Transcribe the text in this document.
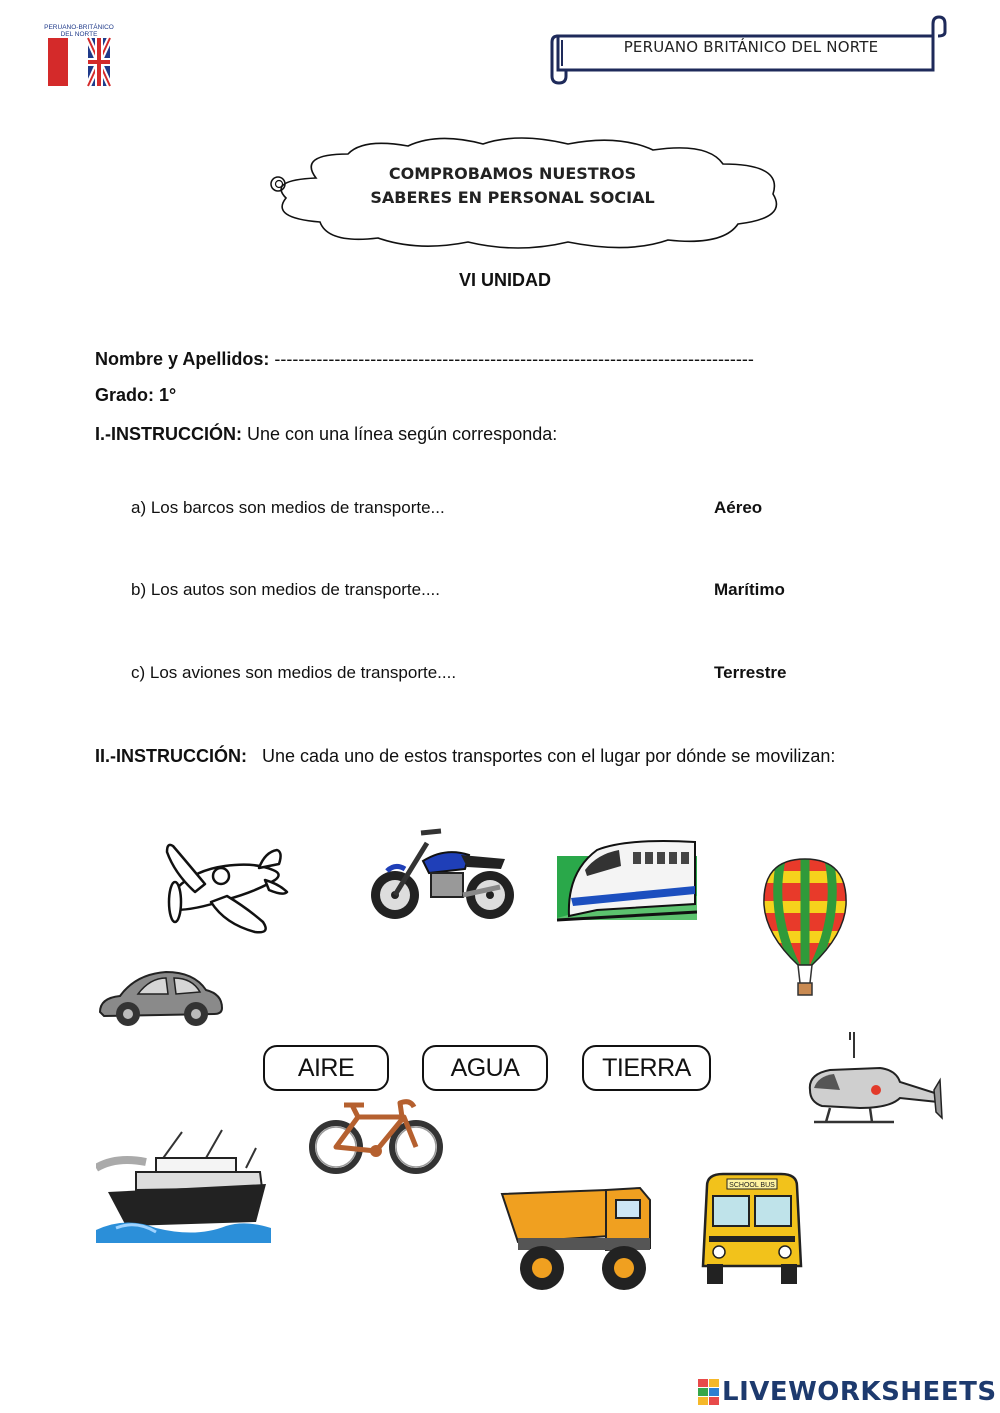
PERUANO-BRITÁNICO
DEL NORTE
PERUANO BRITÁNICO DEL NORTE
COMPROBAMOS NUESTROS
SABERES EN PERSONAL SOCIAL
VI UNIDAD
Nombre y Apellidos: --------------------------------------------------------------------------------
Grado: 1°
I.-INSTRUCCIÓN: Une con una línea según corresponda:
a) Los barcos son medios de transporte...
b) Los autos son medios de transporte....
c) Los aviones son medios de transporte....
Aéreo
Marítimo
Terrestre
II.-INSTRUCCIÓN: Une cada uno de estos transportes con el lugar por dónde se movilizan:
AIRE	AGUA	TIERRA
SCHOOL BUS
LIVEWORKSHEETS
